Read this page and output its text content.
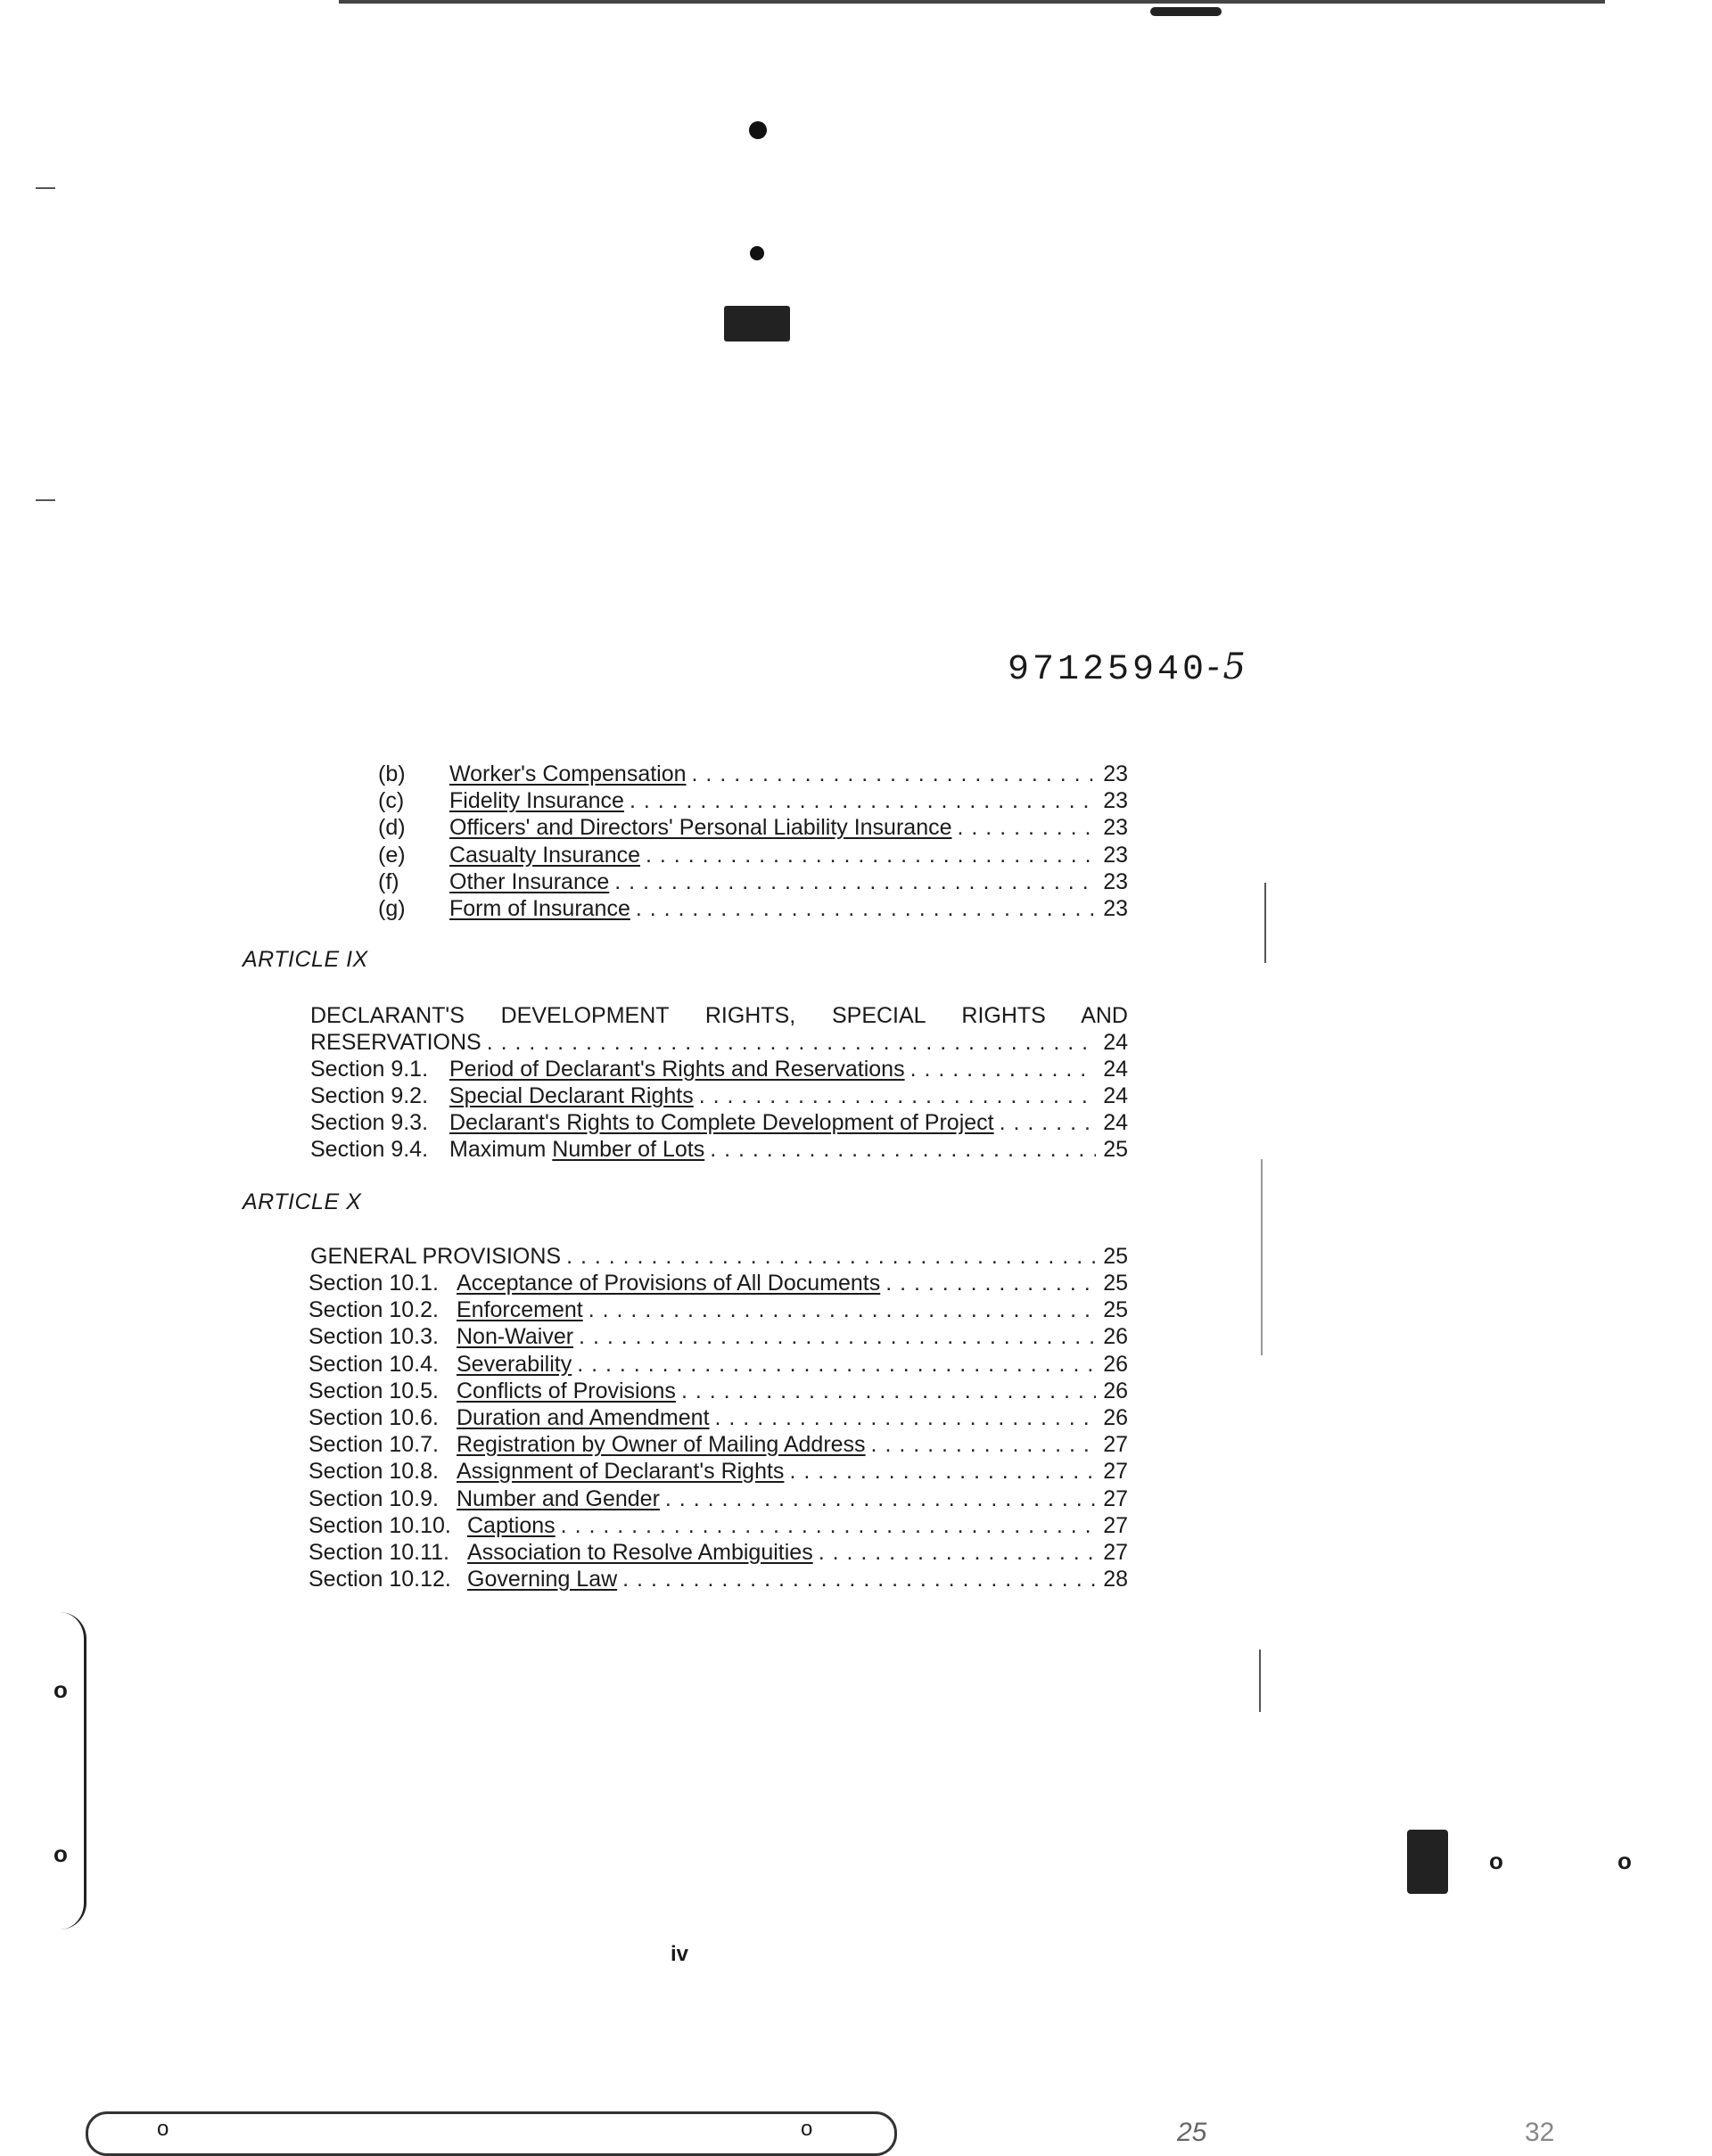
97125940-5
(b)	Worker's Compensation . . .	23
(c)	Fidelity Insurance . . .	23
(d)	Officers' and Directors' Personal Liability Insurance . . .	23
(e)	Casualty Insurance . . .	23
(f)	Other Insurance . . .	23
(g)	Form of Insurance . . .	23
ARTICLE IX
DECLARANT'S DEVELOPMENT RIGHTS, SPECIAL RIGHTS AND
RESERVATIONS . . .	24
Section 9.1. Period of Declarant's Rights and Reservations . . .	24
Section 9.2. Special Declarant Rights . . .	24
Section 9.3. Declarant's Rights to Complete Development of Project . . .	24
Section 9.4. Maximum Number of Lots . . .	25
ARTICLE X
GENERAL PROVISIONS . . .	25
Section 10.1. Acceptance of Provisions of All Documents . . .	25
Section 10.2. Enforcement . . .	25
Section 10.3. Non-Waiver . . .	26
Section 10.4. Severability . . .	26
Section 10.5. Conflicts of Provisions . . .	26
Section 10.6. Duration and Amendment . . .	26
Section 10.7. Registration by Owner of Mailing Address . . .	27
Section 10.8. Assignment of Declarant's Rights . . .	27
Section 10.9. Number and Gender . . .	27
Section 10.10. Captions . . .	27
Section 10.11. Association to Resolve Ambiguities . . .	27
Section 10.12. Governing Law . . .	28
iv
o
o	o	o
o	o	25	32
